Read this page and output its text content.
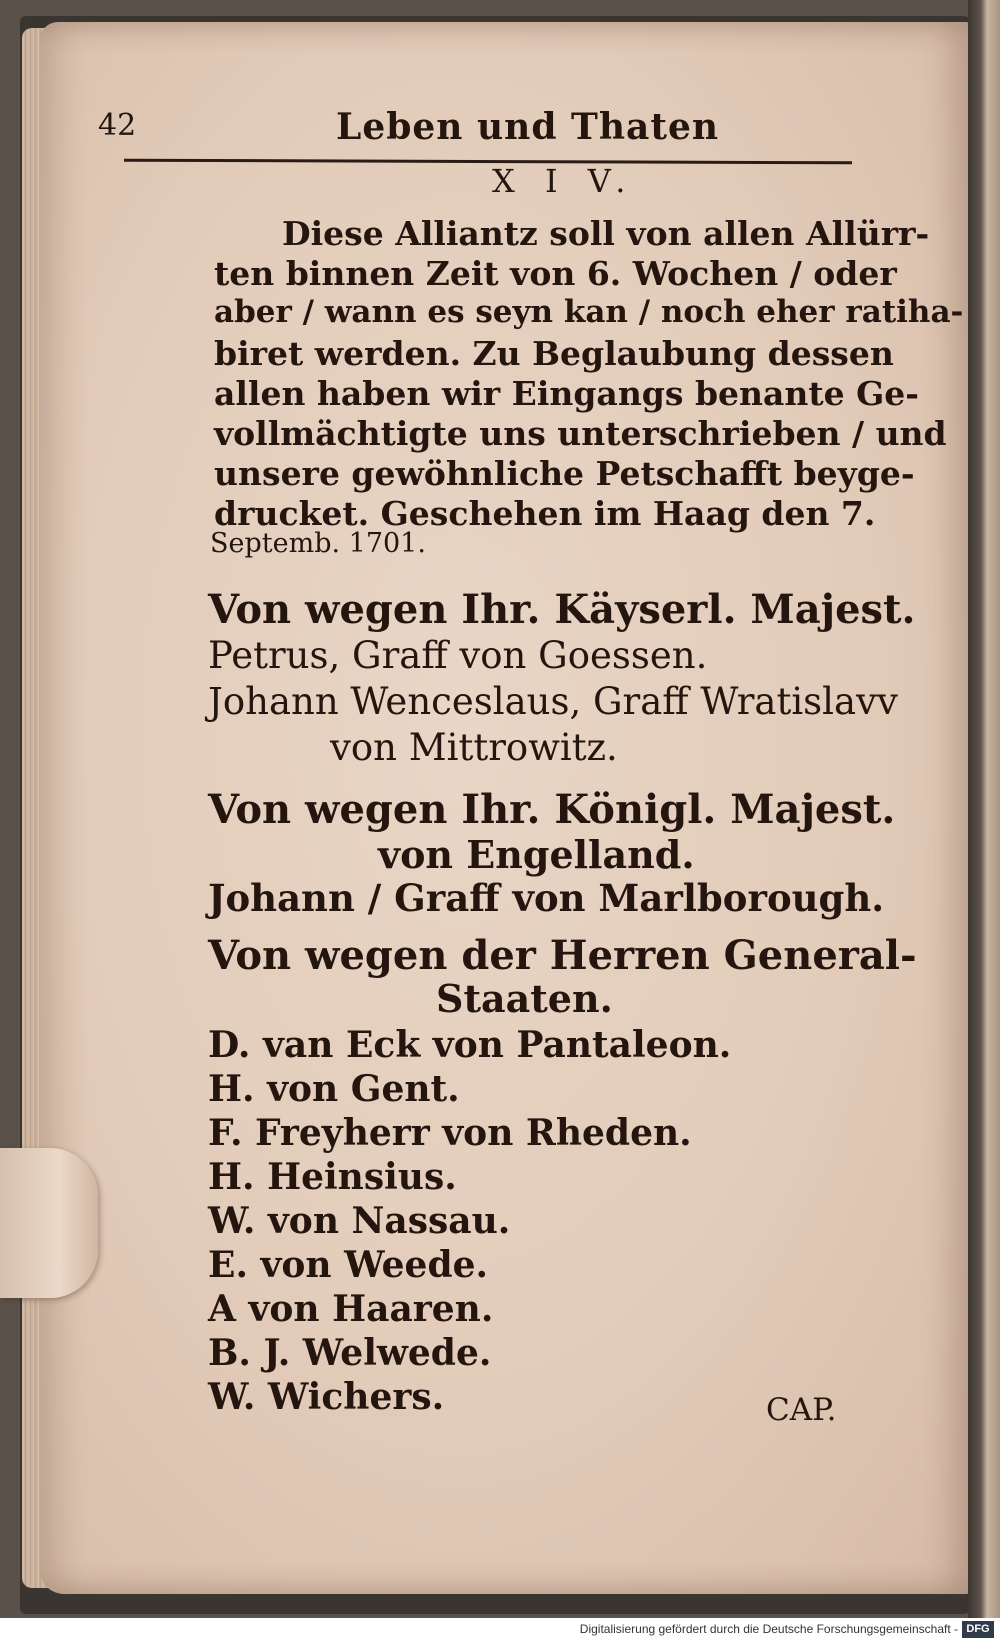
42	Leben und Thaten
X I V.
Diese Alliantz soll von allen Allürr-
ten binnen Zeit von 6. Wochen / oder
aber / wann es seyn kan / noch eher ratiha-
biret werden. Zu Beglaubung dessen
allen haben wir Eingangs benante Ge-
vollmächtigte uns unterschrieben / und
unsere gewöhnliche Petschafft beyge-
drucket. Geschehen im Haag den 7.
Septemb. 1701.
Von wegen Ihr. Käyserl. Majest.
Petrus, Graff von Goessen.
Johann Wenceslaus, Graff Wratislavv
von Mittrowitz.
Von wegen Ihr. Königl. Majest.
von Engelland.
Johann / Graff von Marlborough.
Von wegen der Herren General-
Staaten.
D. van Eck von Pantaleon.
H. von Gent.
F. Freyherr von Rheden.
H. Heinsius.
W. von Nassau.
E. von Weede.
A von Haaren.
B. J. Welwede.
W. Wichers.	CAP.
Digitalisierung gefördert durch die Deutsche Forschungsgemeinschaft - DFG
